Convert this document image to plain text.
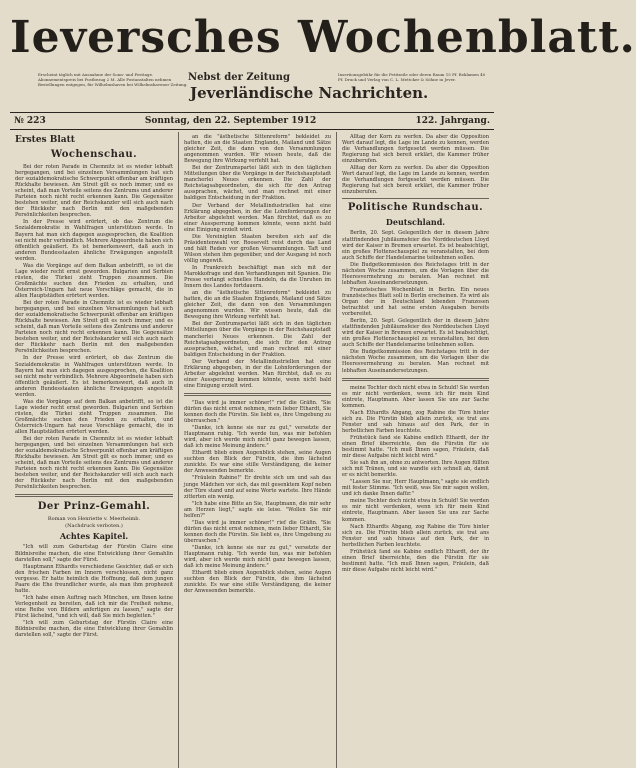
Ieversches Wochenblatt.
Erscheint täglich mit Ausnahme der Sonn- und Festtage. Abonnementspreis bei Postbezug 2 M. Alle Postanstalten nehmen Bestellungen entgegen, für Wilhelmshaven bei Wilhelmshavener Zeitung.
Nebst der Zeitung
Jeverländische Nachrichten.
Insertionsgebühr für die Petitzeile oder deren Raum 15 Pf. Reklamen 40 Pf. Druck und Verlag von C. L. Mettcker & Söhne in Jever.
№ 223	Sonntag, den 22. September 1912	122. Jahrgang.
Erstes Blatt
Wochenschau.

Bei der roten Parade in Chemnitz ist es wieder lebhaft hergegangen, und bei einzelnen Versammlungen hat sich der sozialdemokratische Schwerpunkt offenbar am kräftigen Rückhalte bewiesen. Am Streit gilt es noch immer, und es scheint, daß man Vorteile seitens des Zentrums und anderer Parteien noch nicht recht erkennen kann. Die Gegensätze bestehen weiter, und der Reichskanzler will sich auch nach der Rückkehr nach Berlin mit den maßgebenden Persönlichkeiten besprechen.

In der Presse wird erörtert, ob das Zentrum die Sozialdemokratie in Wahlfragen unterstützen werde. In Bayern hat man sich dagegen ausgesprochen, die Koalition sei nicht mehr verbindlich. Mehrere Abgeordnete haben sich öffentlich geäußert. Es ist bemerkenswert, daß auch in anderen Bundesstaaten ähnliche Erwägungen angestellt werden.

Was die Vorgänge auf dem Balkan anbetrifft, so ist die Lage wieder recht ernst geworden. Bulgarien und Serbien rüsten, die Türkei zieht Truppen zusammen. Die Großmächte suchen den Frieden zu erhalten, und Österreich-Ungarn hat neue Vorschläge gemacht, die in allen Hauptstädten erörtert werden.

Bei der roten Parade in Chemnitz ist es wieder lebhaft hergegangen, und bei einzelnen Versammlungen hat sich der sozialdemokratische Schwerpunkt offenbar am kräftigen Rückhalte bewiesen. Am Streit gilt es noch immer, und es scheint, daß man Vorteile seitens des Zentrums und anderer Parteien noch nicht recht erkennen kann. Die Gegensätze bestehen weiter, und der Reichskanzler will sich auch nach der Rückkehr nach Berlin mit den maßgebenden Persönlichkeiten besprechen.

In der Presse wird erörtert, ob das Zentrum die Sozialdemokratie in Wahlfragen unterstützen werde. In Bayern hat man sich dagegen ausgesprochen, die Koalition sei nicht mehr verbindlich. Mehrere Abgeordnete haben sich öffentlich geäußert. Es ist bemerkenswert, daß auch in anderen Bundesstaaten ähnliche Erwägungen angestellt werden.

Was die Vorgänge auf dem Balkan anbetrifft, so ist die Lage wieder recht ernst geworden. Bulgarien und Serbien rüsten, die Türkei zieht Truppen zusammen. Die Großmächte suchen den Frieden zu erhalten, und Österreich-Ungarn hat neue Vorschläge gemacht, die in allen Hauptstädten erörtert werden.

Bei der roten Parade in Chemnitz ist es wieder lebhaft hergegangen, und bei einzelnen Versammlungen hat sich der sozialdemokratische Schwerpunkt offenbar am kräftigen Rückhalte bewiesen. Am Streit gilt es noch immer, und es scheint, daß man Vorteile seitens des Zentrums und anderer Parteien noch nicht recht erkennen kann. Die Gegensätze bestehen weiter, und der Reichskanzler will sich auch nach der Rückkehr nach Berlin mit den maßgebenden Persönlichkeiten besprechen.

Der Prinz-Gemahl.
Roman von Henriette v. Meerheimb.
(Nachdruck verboten.)
Achtes Kapitel.

"Ich will zum Geburtstag der Fürstin Claire eine Bildnisreihe machen, die eine Entwicklung ihrer Gemahlin darstellen soll," sagte der Fürst.

Hauptmann Ethardts verschiedene Gesichter, daß er sich den frischen Farben im Innern verschlossen, nicht ganz vergesse. Er hatte heimlich die Hoffnung, daß dem jungen Paare die Ehe freundlicher wurde, als man ihm prophezeit hatte.

"Ich habe einen Auftrag nach München, um Ihnen keine Verlegenheit zu bereiten, daß ich mir die Freiheit nehme, eine Reihe von Bildern anfertigen zu lassen," sagte der Fürst lächelnd, "und ich will, daß Sie mich begleiten."

"Ich will zum Geburtstag der Fürstin Claire eine Bildnisreihe machen, die eine Entwicklung ihrer Gemahlin darstellen soll," sagte der Fürst.

an die "ästhetische Sittenreform" bekleidet zu hatten, die an die Staaten Englands, Mailand und Sätze gleicher Zeit, die dann von den Versammlungen angenommen wurden. Wir wissen heute, daß die Bewegung ihre Wirkung verfehlt hat.

Bei der Zentrumspartei läßt sich in den täglichen Mitteilungen über die Vorgänge in der Reichshauptstadt mancherlei Neues erkennen. Die Zahl der Reichstagsabgeordneten, die sich für den Antrag aussprachen, wächst, und man rechnet mit einer baldigen Entscheidung in der Fraktion.

Der Verband der Metallindustriellen hat eine Erklärung abgegeben, in der die Lohnforderungen der Arbeiter abgelehnt werden. Man fürchtet, daß es zu einer Aussperrung kommen könnte, wenn nicht bald eine Einigung erzielt wird.

Die Vereinigten Staaten bereiten sich auf die Präsidentenwahl vor. Roosevelt reist durch das Land und hält Reden vor großen Versammlungen. Taft und Wilson stehen ihm gegenüber, und der Ausgang ist noch völlig ungewiß.

In Frankreich beschäftigt man sich mit der Marokkofrage und den Verhandlungen mit Spanien. Die Presse verlangt schnelles Handeln, da die Unruhen im Innern des Landes fortdauern.

an die "ästhetische Sittenreform" bekleidet zu hatten, die an die Staaten Englands, Mailand und Sätze gleicher Zeit, die dann von den Versammlungen angenommen wurden. Wir wissen heute, daß die Bewegung ihre Wirkung verfehlt hat.

Bei der Zentrumspartei läßt sich in den täglichen Mitteilungen über die Vorgänge in der Reichshauptstadt mancherlei Neues erkennen. Die Zahl der Reichstagsabgeordneten, die sich für den Antrag aussprachen, wächst, und man rechnet mit einer baldigen Entscheidung in der Fraktion.

Der Verband der Metallindustriellen hat eine Erklärung abgegeben, in der die Lohnforderungen der Arbeiter abgelehnt werden. Man fürchtet, daß es zu einer Aussperrung kommen könnte, wenn nicht bald eine Einigung erzielt wird.

"Das wird ja immer schöner!" rief die Gräfin. "Sie dürfen das nicht ernst nehmen, mein lieber Ethardt, Sie kennen doch die Fürstin. Sie liebt es, ihre Umgebung zu überraschen."

"Danke, ich kenne sie nur zu gut," versetzte der Hauptmann ruhig. "Ich werde tun, was mir befohlen wird, aber ich werde mich nicht ganz bewegen lassen, daß ich meine Meinung ändere."

Ethardt blieb einen Augenblick stehen, seine Augen suchten den Blick der Fürstin, die ihm lächelnd zunickte. Es war eine stille Verständigung, die keiner der Anwesenden bemerkte.

"Fräulein Rabine!" Er drehte sich um und sah das junge Mädchen vor sich, das mit gesenktem Kopf neben der Türe stand und auf seine Worte wartete. Ihre Hände zitterten ein wenig.

"Ich habe eine Bitte an Sie, Hauptmann, die mir sehr am Herzen liegt," sagte sie leise. "Wollen Sie mir helfen?"

"Das wird ja immer schöner!" rief die Gräfin. "Sie dürfen das nicht ernst nehmen, mein lieber Ethardt, Sie kennen doch die Fürstin. Sie liebt es, ihre Umgebung zu überraschen."

"Danke, ich kenne sie nur zu gut," versetzte der Hauptmann ruhig. "Ich werde tun, was mir befohlen wird, aber ich werde mich nicht ganz bewegen lassen, daß ich meine Meinung ändere."

Ethardt blieb einen Augenblick stehen, seine Augen suchten den Blick der Fürstin, die ihm lächelnd zunickte. Es war eine stille Verständigung, die keiner der Anwesenden bemerkte.

Alltag der Korn zu werfen. Da aber die Opposition Wert darauf legt, die Lage im Lande zu kennen, werden die Verhandlungen fortgesetzt werden müssen. Die Regierung hat sich bereit erklärt, die Kammer früher einzuberufen.

Alltag der Korn zu werfen. Da aber die Opposition Wert darauf legt, die Lage im Lande zu kennen, werden die Verhandlungen fortgesetzt werden müssen. Die Regierung hat sich bereit erklärt, die Kammer früher einzuberufen.

Politische Rundschau.
Deutschland.

Berlin, 20. Sept. Gelegentlich der in diesem Jahre stattfindenden Jubiläumsfeier des Norddeutschen Lloyd wird der Kaiser in Bremen erwartet. Es ist beabsichtigt, ein großes Flottenschauspiel zu veranstalten, bei dem auch Schiffe der Handelsmarine teilnehmen sollen.

Die Budgetkommission des Reichstages tritt in der nächsten Woche zusammen, um die Vorlagen über die Heeresvermehrung zu beraten. Man rechnet mit lebhaften Auseinandersetzungen.

Französisches Wochenblatt in Berlin. Ein neues französisches Blatt soll in Berlin erscheinen. Es wird als Organ der in Deutschland lebenden Franzosen betrachtet und hat seine ersten Ausgaben bereits vorbereitet.

Berlin, 20. Sept. Gelegentlich der in diesem Jahre stattfindenden Jubiläumsfeier des Norddeutschen Lloyd wird der Kaiser in Bremen erwartet. Es ist beabsichtigt, ein großes Flottenschauspiel zu veranstalten, bei dem auch Schiffe der Handelsmarine teilnehmen sollen.

Die Budgetkommission des Reichstages tritt in der nächsten Woche zusammen, um die Vorlagen über die Heeresvermehrung zu beraten. Man rechnet mit lebhaften Auseinandersetzungen.

meine Tochter doch nicht etwa in Schuld! Sie werden es mir nicht verdenken, wenn ich für mein Kind eintrete, Hauptmann. Aber lassen Sie uns zur Sache kommen.

Nach Ethardts Abgang, zog Rabine die Türe hinter sich zu. Die Fürstin blieb allein zurück, sie trat ans Fenster und sah hinaus auf den Park, der in herbstlichen Farben leuchtete.

Frühstück fand sie Kabine endlich Ethardt, der ihr einen Brief überreichte, den die Fürstin für sie bestimmt hatte. "Ich muß Ihnen sagen, Fräulein, daß mir diese Aufgabe nicht leicht wird."

Sie sah ihn an, ohne zu antworten. Ihre Augen füllten sich mit Tränen, und sie wandte sich schnell ab, damit er es nicht bemerkte.

"Lassen Sie nur, Herr Hauptmann," sagte sie endlich mit fester Stimme. "Ich weiß, was Sie mir sagen wollen, und ich danke Ihnen dafür."

meine Tochter doch nicht etwa in Schuld! Sie werden es mir nicht verdenken, wenn ich für mein Kind eintrete, Hauptmann. Aber lassen Sie uns zur Sache kommen.

Nach Ethardts Abgang, zog Rabine die Türe hinter sich zu. Die Fürstin blieb allein zurück, sie trat ans Fenster und sah hinaus auf den Park, der in herbstlichen Farben leuchtete.

Frühstück fand sie Kabine endlich Ethardt, der ihr einen Brief überreichte, den die Fürstin für sie bestimmt hatte. "Ich muß Ihnen sagen, Fräulein, daß mir diese Aufgabe nicht leicht wird."
